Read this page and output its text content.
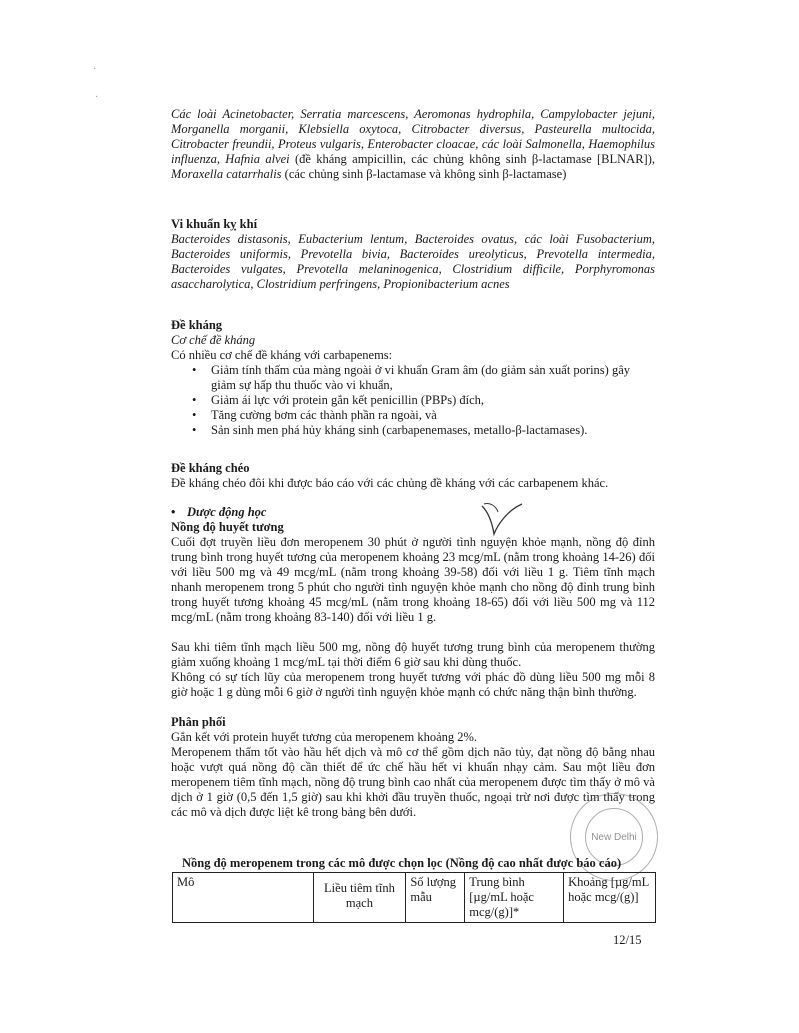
·
·

Các loài Acinetobacter, Serratia marcescens, Aeromonas hydrophila, Campylobacter jejuni, Morganella morganii, Klebsiella oxytoca, Citrobacter diversus, Pasteurella multocida, Citrobacter freundii, Proteus vulgaris, Enterobacter cloacae, các loài Salmonella, Haemophilus influenza, Hafnia alvei (đề kháng ampicillin, các chủng không sinh β-lactamase [BLNAR]), Moraxella catarrhalis (các chủng sinh β-lactamase và không sinh β-lactamase)

Vi khuẩn kỵ khí

Bacteroides distasonis, Eubacterium lentum, Bacteroides ovatus, các loài Fusobacterium, Bacteroides uniformis, Prevotella bivia, Bacteroides ureolyticus, Prevotella intermedia, Bacteroides vulgates, Prevotella melaninogenica, Clostridium difficile, Porphyromonas asaccharolytica, Clostridium perfringens, Propionibacterium acnes

Đề kháng
Cơ chế đề kháng

Có nhiều cơ chế đề kháng với carbapenems:

• Giảm tính thấm của màng ngoài ở vi khuẩn Gram âm (do giảm sản xuất porins) gây giảm sự hấp thu thuốc vào vi khuẩn,
• Giảm ái lực với protein gắn kết penicillin (PBPs) đích,
• Tăng cường bơm các thành phần ra ngoài, và
• Sản sinh men phá hủy kháng sinh (carbapenemases, metallo-β-lactamases).
Đề kháng chéo

Đề kháng chéo đôi khi được báo cáo với các chủng đề kháng với các carbapenem khác.

• Dược động học
Nồng độ huyết tương

Cuối đợt truyền liều đơn meropenem 30 phút ở người tình nguyện khỏe mạnh, nồng độ đỉnh trung bình trong huyết tương của meropenem khoảng 23 mcg/mL (nằm trong khoảng 14-26) đối với liều 500 mg và 49 mcg/mL (nằm trong khoảng 39-58) đối với liều 1 g. Tiêm tĩnh mạch nhanh meropenem trong 5 phút cho người tình nguyện khỏe mạnh cho nồng độ đỉnh trung bình trong huyết tương khoảng 45 mcg/mL (nằm trong khoảng 18-65) đối với liều 500 mg và 112 mcg/mL (nằm trong khoảng 83-140) đối với liều 1 g.

Sau khi tiêm tĩnh mạch liều 500 mg, nồng độ huyết tương trung bình của meropenem thường giảm xuống khoảng 1 mcg/mL tại thời điểm 6 giờ sau khi dùng thuốc.

Không có sự tích lũy của meropenem trong huyết tương với phác đồ dùng liều 500 mg mỗi 8 giờ hoặc 1 g dùng mỗi 6 giờ ở người tình nguyện khỏe mạnh có chức năng thận bình thường.

Phân phối

Gắn kết với protein huyết tương của meropenem khoảng 2%.

Meropenem thấm tốt vào hầu hết dịch và mô cơ thể gồm dịch não tủy, đạt nồng độ bằng nhau hoặc vượt quá nồng độ cần thiết để ức chế hầu hết vi khuẩn nhạy cảm. Sau một liều đơn meropenem tiêm tĩnh mạch, nồng độ trung bình cao nhất của meropenem được tìm thấy ở mô và dịch ở 1 giờ (0,5 đến 1,5 giờ) sau khi khởi đầu truyền thuốc, ngoại trừ nơi được tìm thấy trong các mô và dịch được liệt kê trong bảng bên dưới.

New Delhi
Nồng độ meropenem trong các mô được chọn lọc (Nồng độ cao nhất được báo cáo)
Mô	Liều tiêm tĩnh mạch	Số lượng mẫu	Trung bình [µg/mL hoặc mcg/(g)]*	Khoảng [µg/mL hoặc mcg/(g)]
12/15
